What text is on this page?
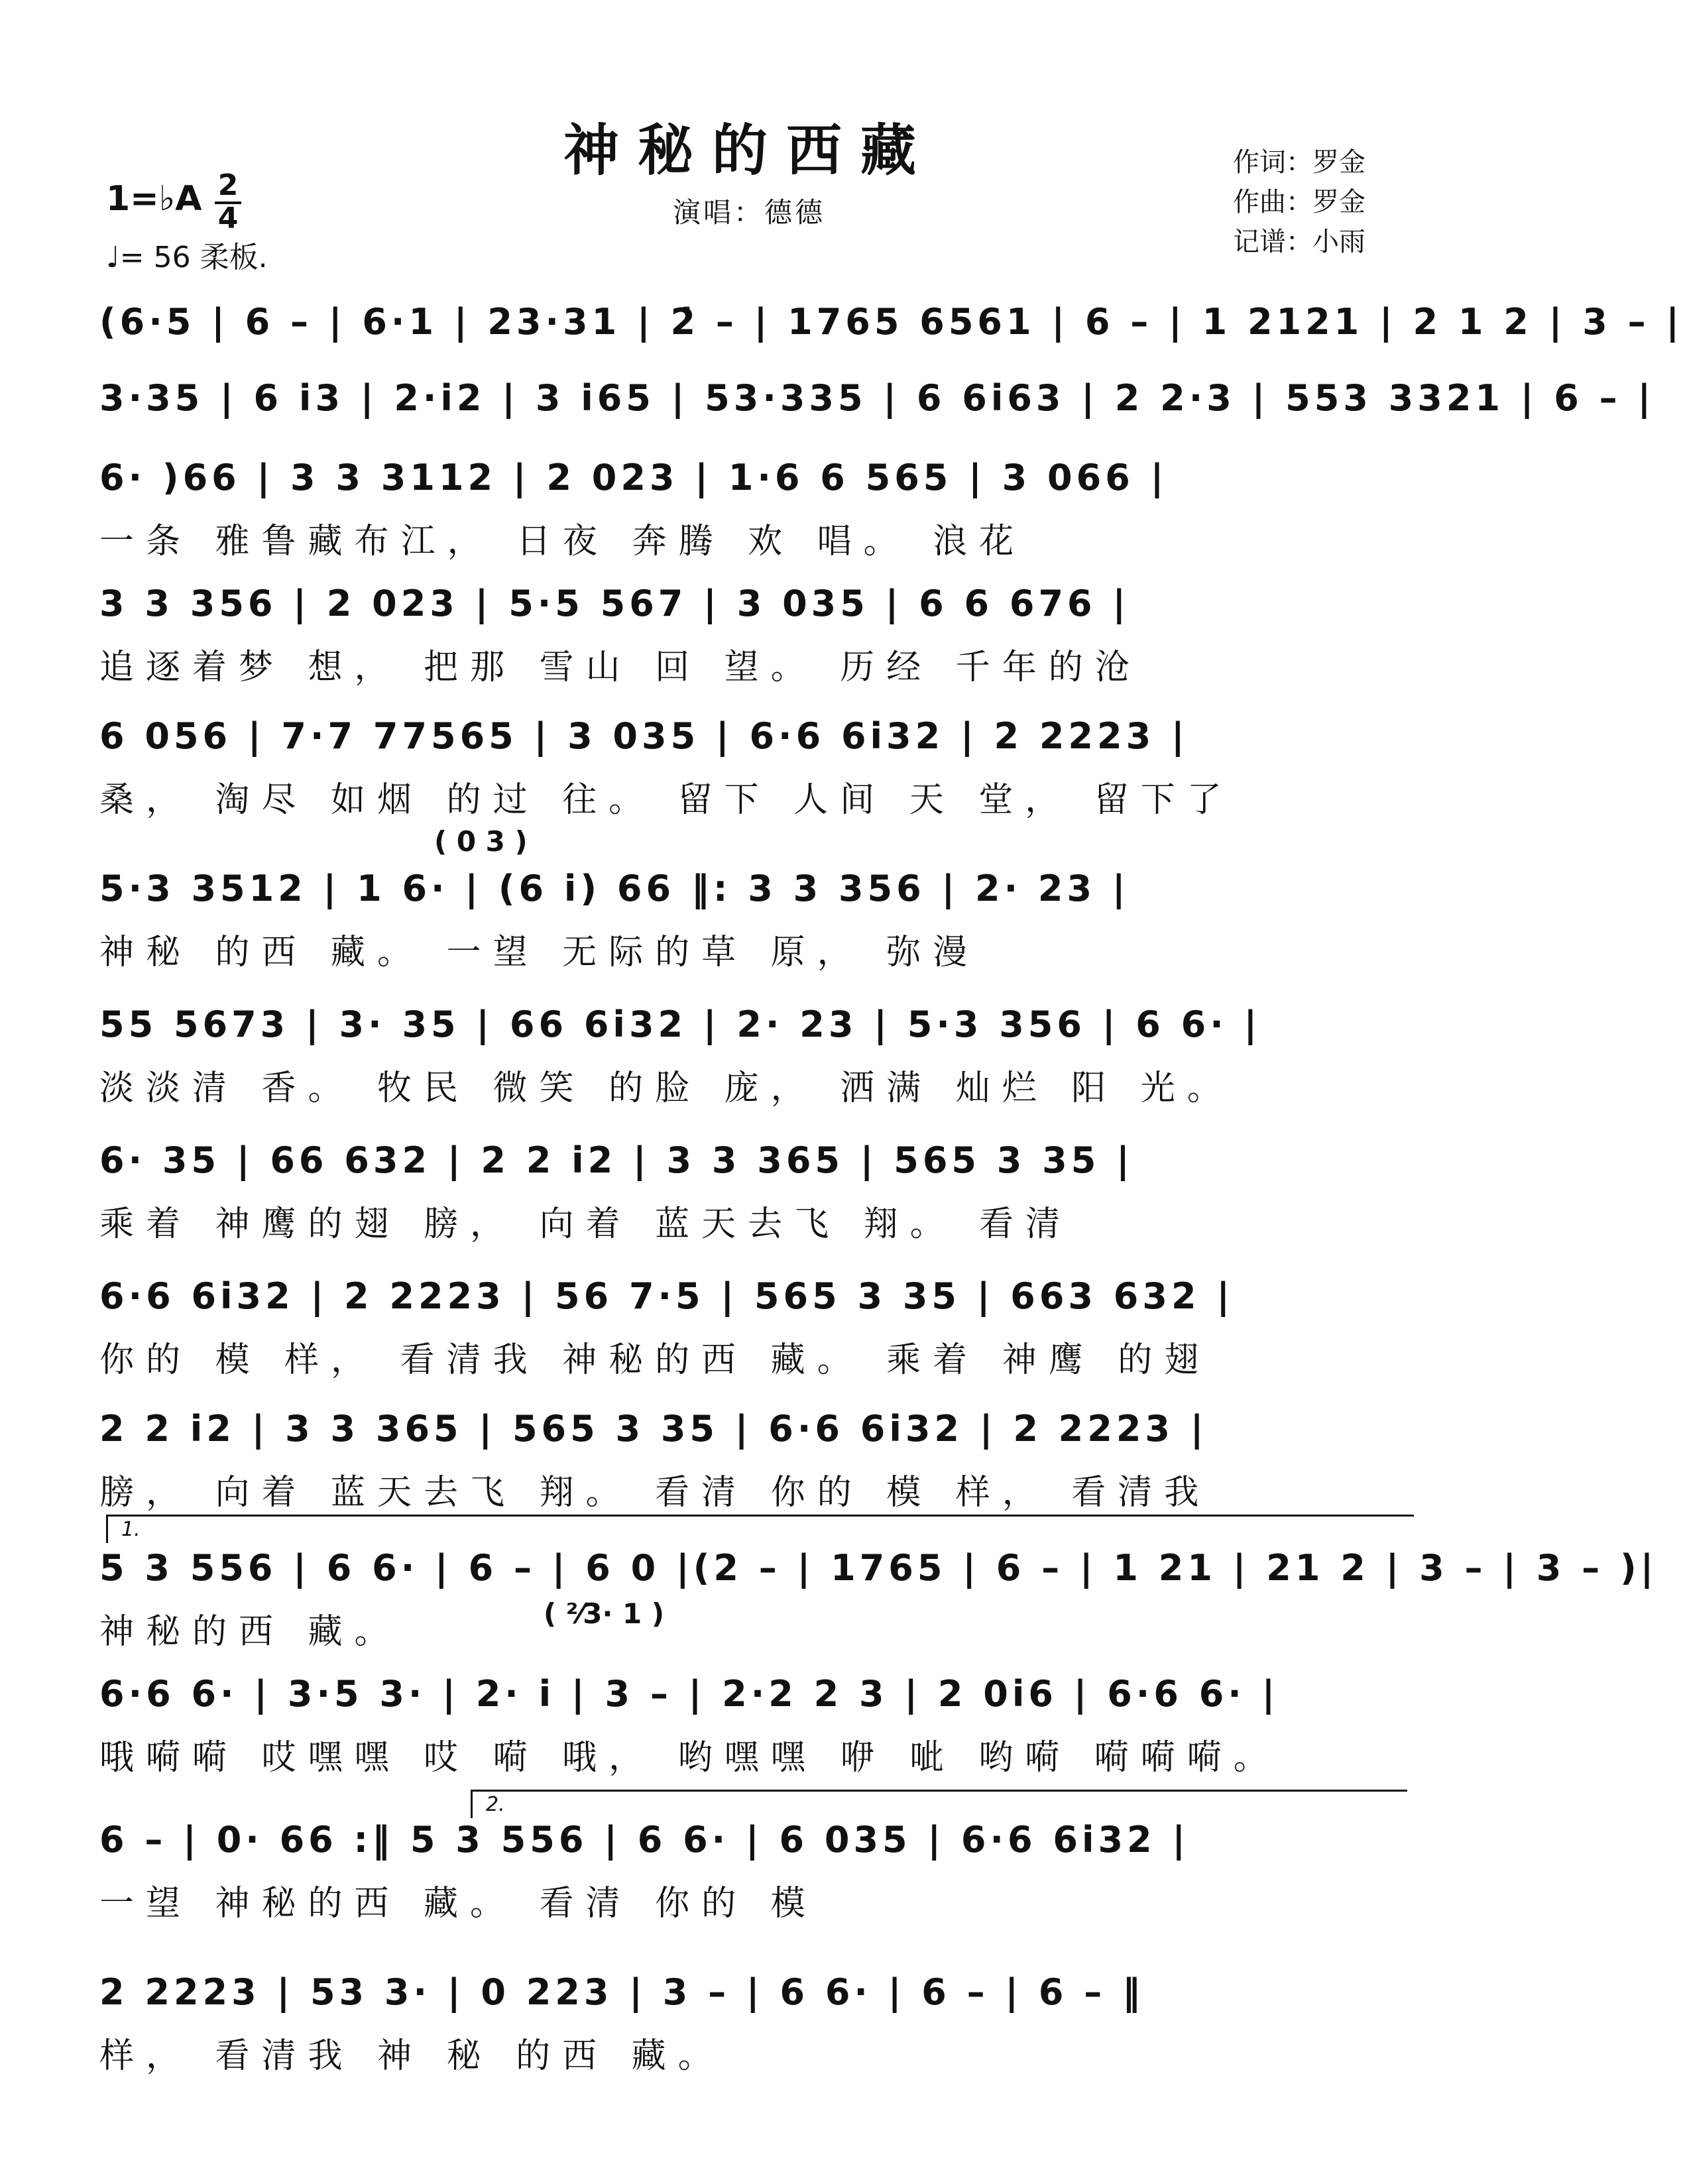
神秘的西藏
演唱：德德
1=♭A 2
4
♩= 56 柔板.
作词：罗金
作曲：罗金
记谱：小雨
(6·5 | 6 – | 6·1 | 23·31 | 2̇ – | 1765 6561 | 6 – | 1 2121 | 2 1 2 | 3 – |
3·35 | 6 i3 | 2·i2 | 3 i65 | 53·335 | 6 6i63 | 2 2·3 | 553 3321 | 6 – |
6· )66 | 3 3 3112 | 2 023 | 1·6 6 565 | 3 066 |
一条 雅鲁藏布江， 日夜 奔腾 欢 唱。 浪花
3 3 356 | 2 023 | 5·5 567 | 3 035 | 6 6 676 |
追逐着梦 想， 把那 雪山 回 望。 历经 千年的沧
6 056 | 7·7 77565 | 3 035 | 6·6 6i32 | 2 2223 |
桑， 淘尽 如烟 的过 往。 留下 人间 天 堂， 留下了
( 0 3 )
5·3 3512 | 1 6· | (6 i) 66 ‖: 3 3 356 | 2· 23 |
神秘 的西 藏。 一望 无际的草 原， 弥漫
55 5673 | 3· 35 | 66 6i32 | 2· 23 | 5·3 356 | 6 6· |
淡淡清 香。 牧民 微笑 的脸 庞， 洒满 灿烂 阳 光。
6· 35 | 66 632 | 2 2 i2 | 3 3 365 | 565 3 35 |
乘着 神鹰的翅 膀， 向着 蓝天去飞 翔。 看清
6·6 6i32 | 2 2223 | 56 7·5 | 565 3 35 | 663 632 |
你的 模 样， 看清我 神秘的西 藏。 乘着 神鹰 的翅
2 2 i2 | 3 3 365 | 565 3 35 | 6·6 6i32 | 2 2223 |
膀， 向着 蓝天去飞 翔。 看清 你的 模 样， 看清我
1.
5 3 556 | 6 6· | 6 – | 6 0 |(2 – | 1765 | 6 – | 1 21 | 21 2 | 3 – | 3 – )|
神秘的西 藏。	( ²⁄3· 1 )
6·6 6· | 3·5 3· | 2· i | 3 – | 2·2 2 3 | 2 0i6 | 6·6 6· |
哦嗬嗬 哎嘿嘿 哎 嗬 哦， 哟嘿嘿 咿 呲 哟嗬 嗬嗬嗬。
2.
6 – | 0· 66 :‖ 5 3 556 | 6 6· | 6 035 | 6·6 6i32 |
一望 神秘的西 藏。 看清 你的 模
2 2223 | 53 3· | 0 223 | 3 – | 6 6· | 6 – | 6 – ‖
样， 看清我 神 秘 的西 藏。
